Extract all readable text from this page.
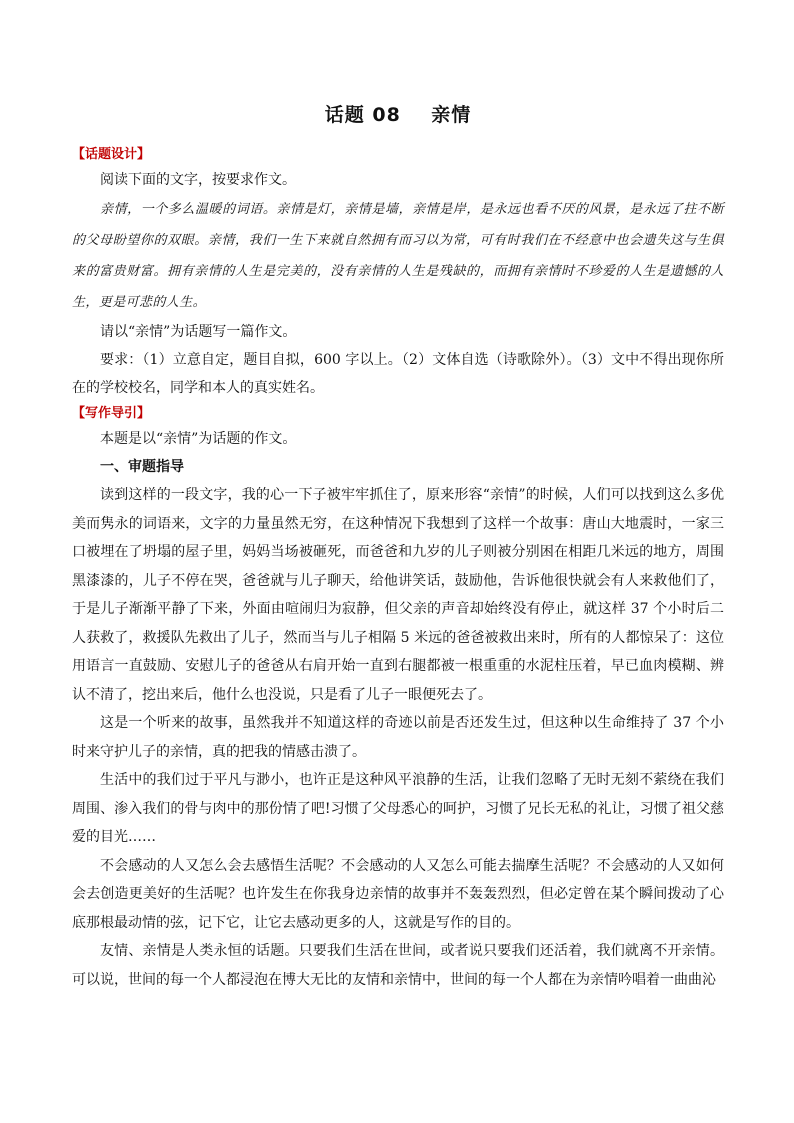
话题 08    亲情

【话题设计】

阅读下面的文字，按要求作文。

亲情，一个多么温暖的词语。亲情是灯，亲情是墙，亲情是岸，是永远也看不厌的风景，是永远了拄不断的父母盼望你的双眼。亲情，我们一生下来就自然拥有而习以为常，可有时我们在不经意中也会遗失这与生俱来的富贵财富。拥有亲情的人生是完美的，没有亲情的人生是残缺的，而拥有亲情时不珍爱的人生是遗憾的人生，更是可悲的人生。

请以“亲情”为话题写一篇作文。

要求：（1）立意自定，题目自拟，600 字以上。（2）文体自选（诗歌除外）。（3）文中不得出现你所在的学校校名，同学和本人的真实姓名。

【写作导引】

本题是以“亲情”为话题的作文。

一、审题指导

读到这样的一段文字，我的心一下子被牢牢抓住了，原来形容“亲情”的时候，人们可以找到这么多优美而隽永的词语来，文字的力量虽然无穷，在这种情况下我想到了这样一个故事：唐山大地震时，一家三口被埋在了坍塌的屋子里，妈妈当场被砸死，而爸爸和九岁的儿子则被分别困在相距几米远的地方，周围黑漆漆的，儿子不停在哭，爸爸就与儿子聊天，给他讲笑话，鼓励他，告诉他很快就会有人来救他们了，于是儿子渐渐平静了下来，外面由喧闹归为寂静，但父亲的声音却始终没有停止，就这样 37 个小时后二人获救了，救援队先救出了儿子，然而当与儿子相隔 5 米远的爸爸被救出来时，所有的人都惊呆了：这位用语言一直鼓励、安慰儿子的爸爸从右肩开始一直到右腿都被一根重重的水泥柱压着，早已血肉模糊、辨认不清了，挖出来后，他什么也没说，只是看了儿子一眼便死去了。

这是一个听来的故事，虽然我并不知道这样的奇迹以前是否还发生过，但这种以生命维持了 37 个小时来守护儿子的亲情，真的把我的情感击溃了。

生活中的我们过于平凡与渺小，也许正是这种风平浪静的生活，让我们忽略了无时无刻不萦绕在我们周围、渗入我们的骨与肉中的那份情了吧!习惯了父母悉心的呵护，习惯了兄长无私的礼让，习惯了祖父慈爱的目光……

不会感动的人又怎么会去感悟生活呢？不会感动的人又怎么可能去揣摩生活呢？不会感动的人又如何会去创造更美好的生活呢？也许发生在你我身边亲情的故事并不轰轰烈烈，但必定曾在某个瞬间拨动了心底那根最动情的弦，记下它，让它去感动更多的人，这就是写作的目的。

友情、亲情是人类永恒的话题。只要我们生活在世间，或者说只要我们还活着，我们就离不开亲情。可以说，世间的每一个人都浸泡在博大无比的友情和亲情中，世间的每一个人都在为亲情吟唱着一曲曲沁
